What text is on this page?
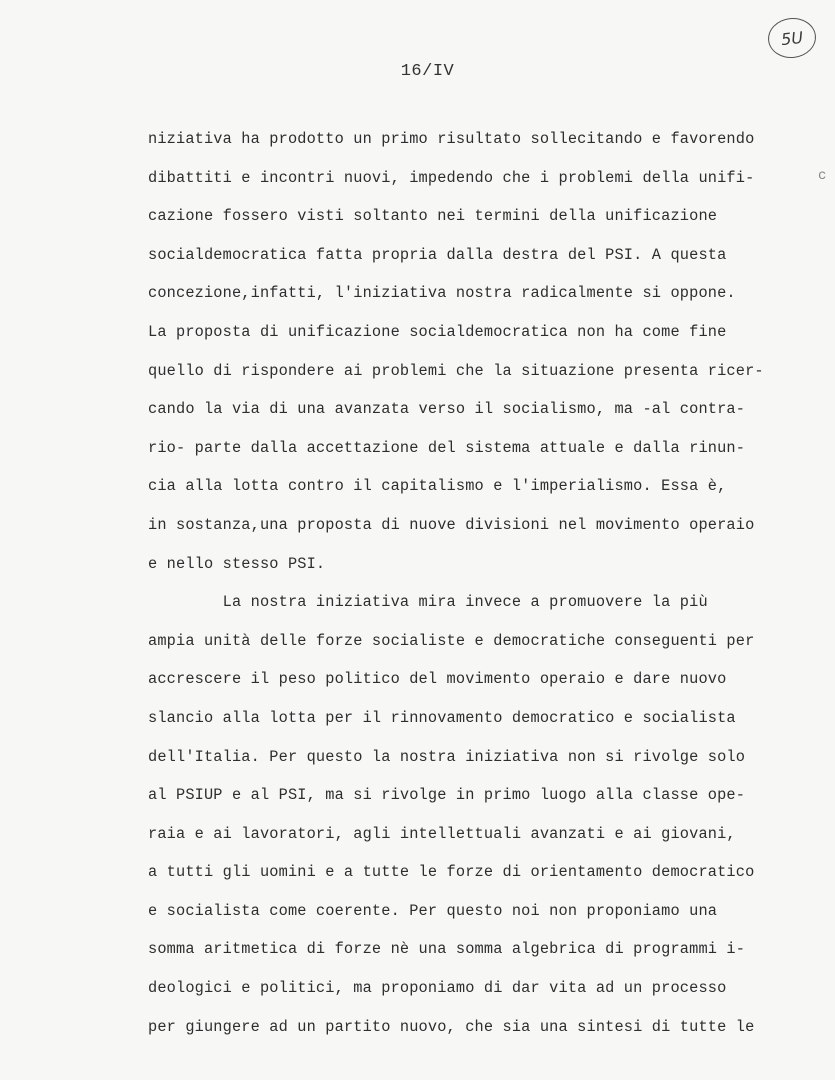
5U
16/IV
c
niziativa ha prodotto un primo risultato sollecitando e favorendo
dibattiti e incontri nuovi, impedendo che i problemi della unifi-
cazione fossero visti soltanto nei termini della unificazione
socialdemocratica fatta propria dalla destra del PSI. A questa
concezione,infatti, l'iniziativa nostra radicalmente si oppone.
La proposta di unificazione socialdemocratica non ha come fine
quello di rispondere ai problemi che la situazione presenta ricer-
cando la via di una avanzata verso il socialismo, ma -al contra-
rio- parte dalla accettazione del sistema attuale e dalla rinun-
cia alla lotta contro il capitalismo e l'imperialismo. Essa è,
in sostanza,una proposta di nuove divisioni nel movimento operaio
e nello stesso PSI.
La nostra iniziativa mira invece a promuovere la più
ampia unità delle forze socialiste e democratiche conseguenti per
accrescere il peso politico del movimento operaio e dare nuovo
slancio alla lotta per il rinnovamento democratico e socialista
dell'Italia. Per questo la nostra iniziativa non si rivolge solo
al PSIUP e al PSI, ma si rivolge in primo luogo alla classe ope-
raia e ai lavoratori, agli intellettuali avanzati e ai giovani,
a tutti gli uomini e a tutte le forze di orientamento democratico
e socialista come coerente. Per questo noi non proponiamo una
somma aritmetica di forze nè una somma algebrica di programmi i-
deologici e politici, ma proponiamo di dar vita ad un processo
per giungere ad un partito nuovo, che sia una sintesi di tutte le
